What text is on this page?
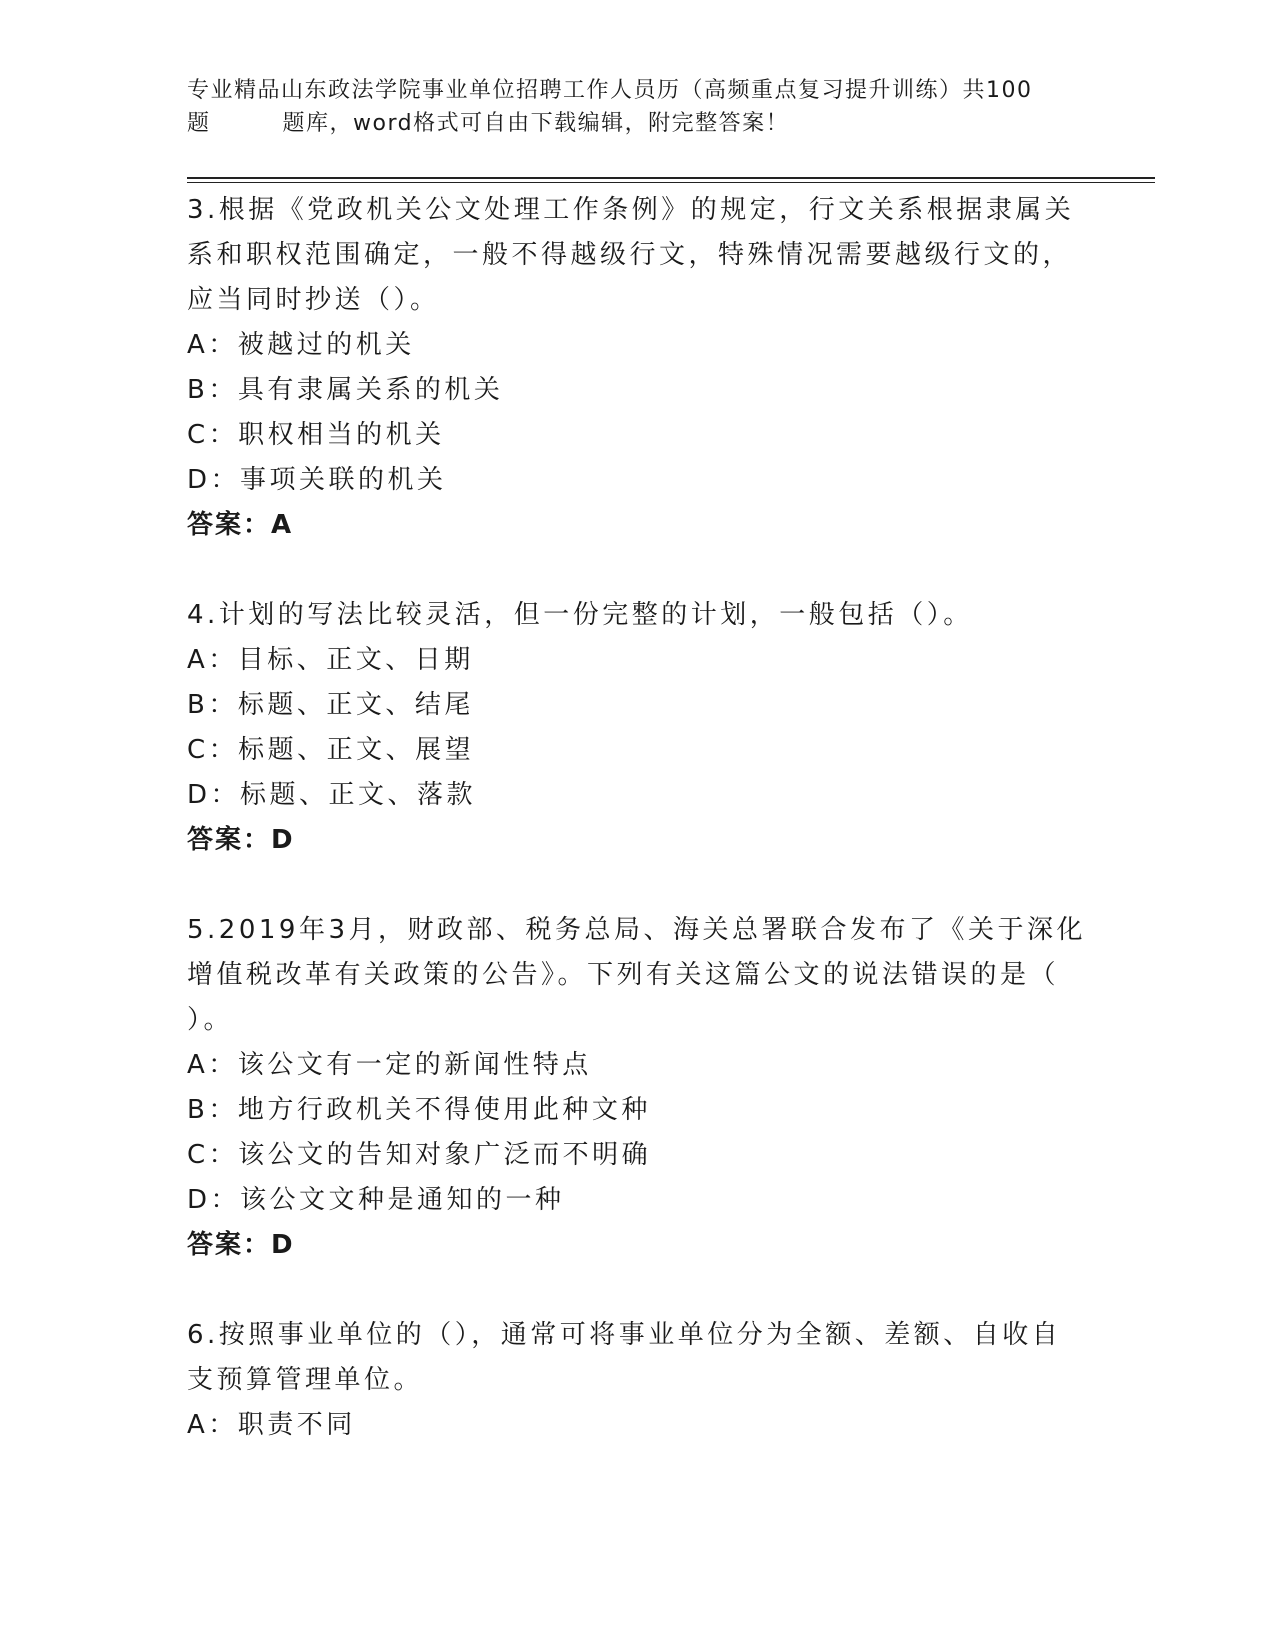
专业精品山东政法学院事业单位招聘工作人员历（高频重点复习提升训练）共100
题	题库，word格式可自由下载编辑，附完整答案！

3.根据《党政机关公文处理工作条例》的规定，行文关系根据隶属关

系和职权范围确定，一般不得越级行文，特殊情况需要越级行文的，

应当同时抄送（）。

A：被越过的机关

B：具有隶属关系的机关

C：职权相当的机关

D：事项关联的机关

答案：A

4.计划的写法比较灵活，但一份完整的计划，一般包括（）。

A：目标、正文、日期

B：标题、正文、结尾

C：标题、正文、展望

D：标题、正文、落款

答案：D

5.2019年3月，财政部、税务总局、海关总署联合发布了《关于深化

增值税改革有关政策的公告》。下列有关这篇公文的说法错误的是（

）。

A：该公文有一定的新闻性特点

B：地方行政机关不得使用此种文种

C：该公文的告知对象广泛而不明确

D：该公文文种是通知的一种

答案：D

6.按照事业单位的（），通常可将事业单位分为全额、差额、自收自

支预算管理单位。

A：职责不同
